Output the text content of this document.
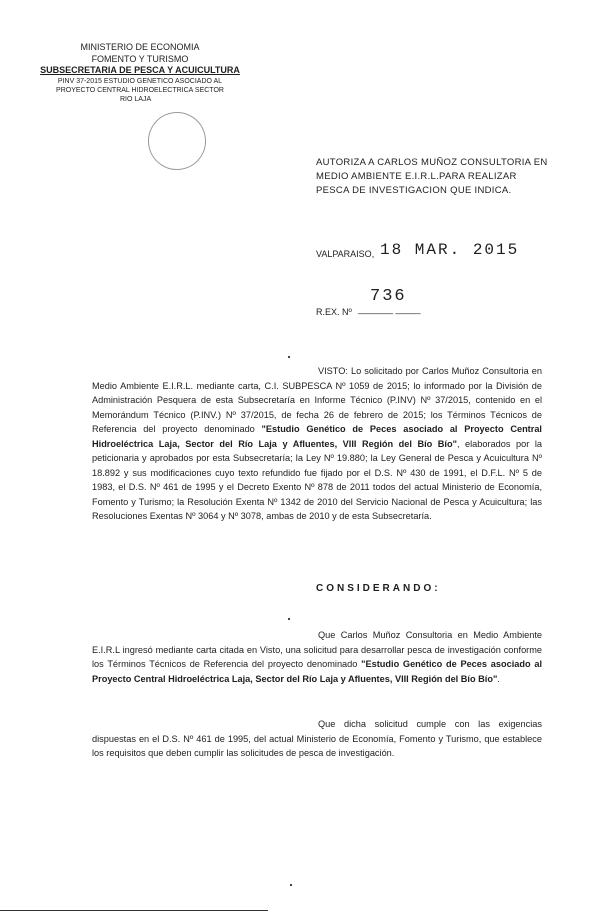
MINISTERIO DE ECONOMIA
FOMENTO Y TURISMO
SUBSECRETARIA DE PESCA Y ACUICULTURA
PINV 37-2015 ESTUDIO GENETICO ASOCIADO AL
PROYECTO CENTRAL HIDROELECTRICA SECTOR
RIO LAJA
AUTORIZA A CARLOS MUÑOZ CONSULTORIA EN MEDIO AMBIENTE E.I.R.L.PARA REALIZAR PESCA DE INVESTIGACION QUE INDICA.
VALPARAISO, 18 MAR. 2015
736
R.EX. Nº _______ _____
VISTO: Lo solicitado por Carlos Muñoz Consultoria en Medio Ambiente E.I.R.L. mediante carta, C.I. SUBPESCA Nº 1059 de 2015; lo informado por la División de Administración Pesquera de esta Subsecretaría en Informe Técnico (P.INV) Nº 37/2015, contenido en el Memorándum Técnico (P.INV.) Nº 37/2015, de fecha 26 de febrero de 2015; los Términos Técnicos de Referencia del proyecto denominado "Estudio Genético de Peces asociado al Proyecto Central Hidroeléctrica Laja, Sector del Río Laja y Afluentes, VIII Región del Bío Bío", elaborados por la peticionaria y aprobados por esta Subsecretaría; la Ley Nº 19.880; la Ley General de Pesca y Acuicultura Nº 18.892 y sus modificaciones cuyo texto refundido fue fijado por el D.S. Nº 430 de 1991, el D.F.L. Nº 5 de 1983, el D.S. Nº 461 de 1995 y el Decreto Exento Nº 878 de 2011 todos del actual Ministerio de Economía, Fomento y Turismo; la Resolución Exenta Nº 1342 de 2010 del Servicio Nacional de Pesca y Acuicultura; las Resoluciones Exentas Nº 3064 y Nº 3078, ambas de 2010 y de esta Subsecretaría.
CONSIDERANDO:
Que Carlos Muñoz Consultoria en Medio Ambiente E.I.R.L ingresó mediante carta citada en Visto, una solicitud para desarrollar pesca de investigación conforme los Términos Técnicos de Referencia del proyecto denominado "Estudio Genético de Peces asociado al Proyecto Central Hidroeléctrica Laja, Sector del Río Laja y Afluentes, VIII Región del Bío Bío".
Que dicha solicitud cumple con las exigencias dispuestas en el D.S. Nº 461 de 1995, del actual Ministerio de Economía, Fomento y Turismo, que establece los requisitos que deben cumplir las solicitudes de pesca de investigación.
